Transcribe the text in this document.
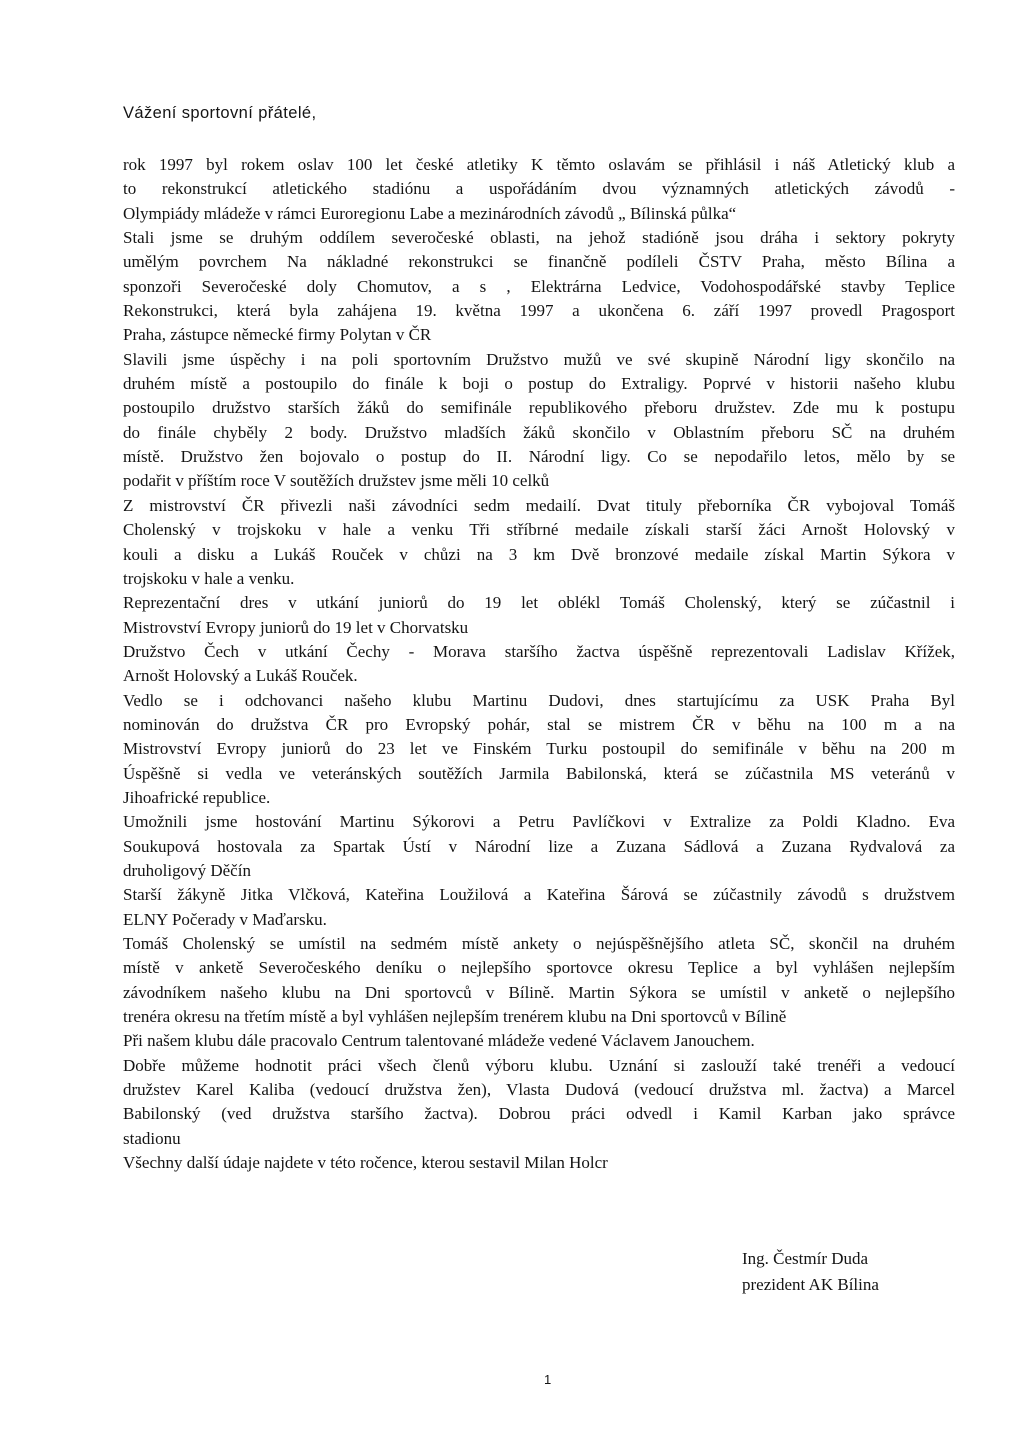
Vážení sportovní přátelé,

rok 1997 byl rokem oslav 100 let české atletiky K těmto oslavám se přihlásil i náš Atletický klub a
to rekonstrukcí atletického stadiónu a uspořádáním dvou významných atletických závodů -
Olympiády mládeže v rámci Euroregionu Labe a mezinárodních závodů „ Bílinská půlka“
Stali jsme se druhým oddílem severočeské oblasti, na jehož stadióně jsou dráha i sektory pokryty
umělým povrchem Na nákladné rekonstrukci se finančně podíleli ČSTV Praha, město Bílina a
sponzoři Severočeské doly Chomutov, a s , Elektrárna Ledvice, Vodohospodářské stavby Teplice
Rekonstrukci, která byla zahájena 19. května 1997 a ukončena 6. září 1997 provedl Pragosport
Praha, zástupce německé firmy Polytan v ČR
Slavili jsme úspěchy i na poli sportovním Družstvo mužů ve své skupině Národní ligy skončilo na
druhém místě a postoupilo do finále k boji o postup do Extraligy. Poprvé v historii našeho klubu
postoupilo družstvo starších žáků do semifinále republikového přeboru družstev. Zde mu k postupu
do finále chyběly 2 body. Družstvo mladších žáků skončilo v Oblastním přeboru SČ na druhém
místě. Družstvo žen bojovalo o postup do II. Národní ligy. Co se nepodařilo letos, mělo by se
podařit v příštím roce V soutěžích družstev jsme měli 10 celků
Z mistrovství ČR přivezli naši závodníci sedm medailí. Dvat tituly přeborníka ČR vybojoval Tomáš
Cholenský v trojskoku v hale a venku Tři stříbrné medaile získali starší žáci Arnošt Holovský v
kouli a disku a Lukáš Rouček v chůzi na 3 km Dvě bronzové medaile získal Martin Sýkora v
trojskoku v hale a venku.
Reprezentační dres v utkání juniorů do 19 let oblékl Tomáš Cholenský, který se zúčastnil i
Mistrovství Evropy juniorů do 19 let v Chorvatsku
Družstvo Čech v utkání Čechy - Morava staršího žactva úspěšně reprezentovali Ladislav Křížek,
Arnošt Holovský a Lukáš Rouček.
Vedlo se i odchovanci našeho klubu Martinu Dudovi, dnes startujícímu za USK Praha Byl
nominován do družstva ČR pro Evropský pohár, stal se mistrem ČR v běhu na 100 m a na
Mistrovství Evropy juniorů do 23 let ve Finském Turku postoupil do semifinále v běhu na 200 m
Úspěšně si vedla ve veteránských soutěžích Jarmila Babilonská, která se zúčastnila MS veteránů v
Jihoafrické republice.
Umožnili jsme hostování Martinu Sýkorovi a Petru Pavlíčkovi v Extralize za Poldi Kladno. Eva
Soukupová hostovala za Spartak Ústí v Národní lize a Zuzana Sádlová a Zuzana Rydvalová za
druholigový Děčín
Starší žákyně Jitka Vlčková, Kateřina Loužilová a Kateřina Šárová se zúčastnily závodů s družstvem
ELNY Počerady v Maďarsku.
Tomáš Cholenský se umístil na sedmém místě ankety o nejúspěšnějšího atleta SČ, skončil na druhém
místě v anketě Severočeského deníku o nejlepšího sportovce okresu Teplice a byl vyhlášen nejlepším
závodníkem našeho klubu na Dni sportovců v Bílině. Martin Sýkora se umístil v anketě o nejlepšího
trenéra okresu na třetím místě a byl vyhlášen nejlepším trenérem klubu na Dni sportovců v Bílině
Při našem klubu dále pracovalo Centrum talentované mládeže vedené Václavem Janouchem.
Dobře můžeme hodnotit práci všech členů výboru klubu. Uznání si zaslouží také trenéři a vedoucí
družstev Karel Kaliba (vedoucí družstva žen), Vlasta Dudová (vedoucí družstva ml. žactva) a Marcel
Babilonský (ved družstva staršího žactva). Dobrou práci odvedl i Kamil Karban jako správce
stadionu
Všechny další údaje najdete v této ročence, kterou sestavil Milan Holcr
Ing. Čestmír Duda
prezident AK Bílina
1
